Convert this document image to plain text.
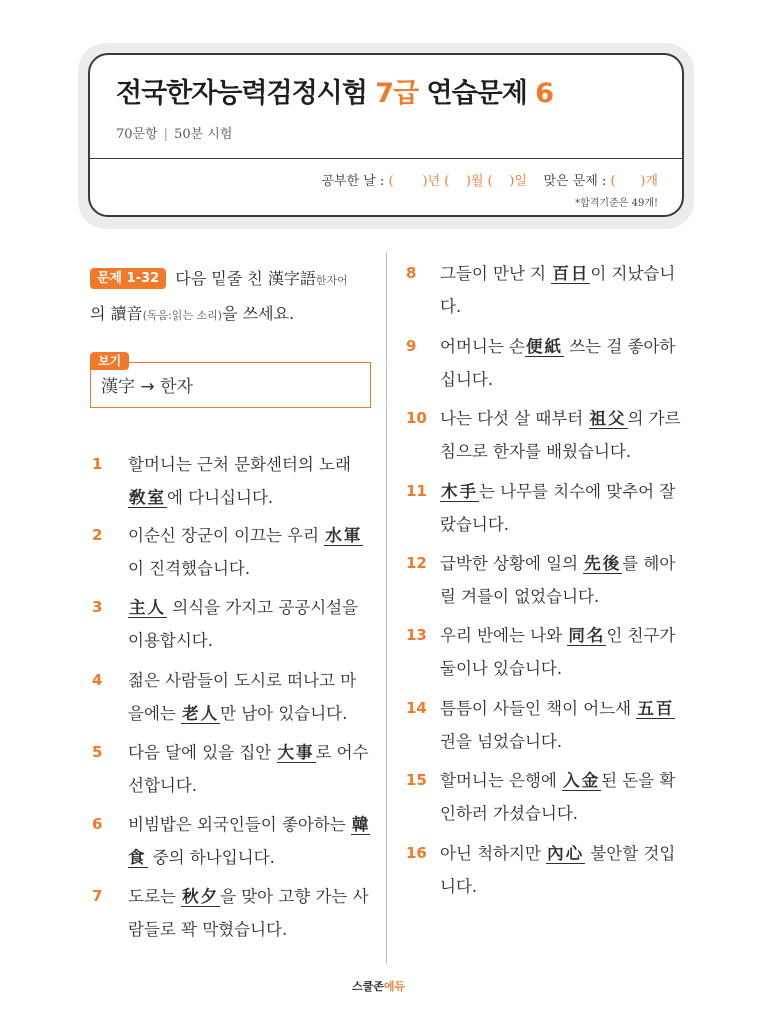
전국한자능력검정시험 7급 연습문제 6
70문항 | 50분 시험
공부한 날 : ( )년 ( )월 ( )일 맞은 문제 : ( )개
*합격기준은 49개!
문제 1-32 다음 밑줄 친 漢字語한자어
의 讀音(독음:읽는 소리)을 쓰세요.
漢字 → 한자
보기
1	할머니는 근처 문화센터의 노래 敎室에 다니십니다.
2	이순신 장군이 이끄는 우리 水軍이 진격했습니다.
3	主人 의식을 가지고 공공시설을 이용합시다.
4	젊은 사람들이 도시로 떠나고 마을에는 老人만 남아 있습니다.
5	다음 달에 있을 집안 大事로 어수선합니다.
6	비빔밥은 외국인들이 좋아하는 韓食 중의 하나입니다.
7	도로는 秋夕을 맞아 고향 가는 사람들로 꽉 막혔습니다.
8	그들이 만난 지 百日이 지났습니다.
9	어머니는 손便紙 쓰는 걸 좋아하십니다.
10 나는 다섯 살 때부터 祖父의 가르침으로 한자를 배웠습니다.
11 木手는 나무를 치수에 맞추어 잘랐습니다.
12 급박한 상황에 일의 先後를 헤아릴 겨를이 없었습니다.
13 우리 반에는 나와 同名인 친구가 둘이나 있습니다.
14 틈틈이 사들인 책이 어느새 五百 권을 넘었습니다.
15 할머니는 은행에 入金된 돈을 확인하러 가셨습니다.
16 아닌 척하지만 內心 불안할 것입니다.
스쿨존에듀
